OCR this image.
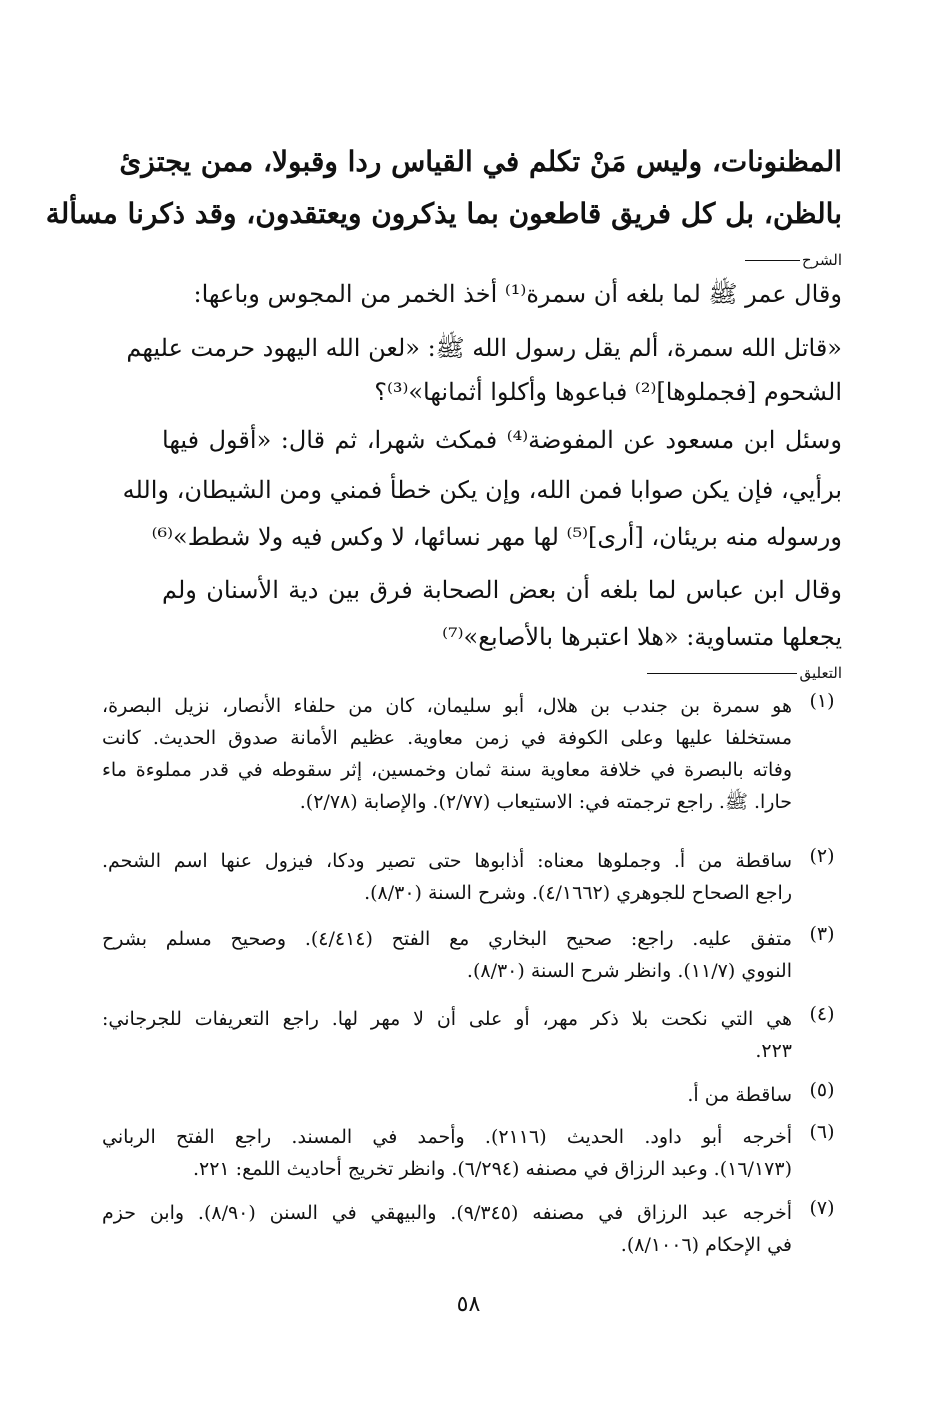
المظنونات، وليس مَنْ تكلم في القياس ردا وقبولا، ممن يجتزئ
بالظن، بل كل فريق قاطعون بما يذكرون ويعتقدون، وقد ذكرنا مسألة
الشرح
وقال عمر ﷺ لما بلغه أن سمرة⁽¹⁾ أخذ الخمر من المجوس وباعها:
«قاتل الله سمرة، ألم يقل رسول الله ﷺ: «لعن الله اليهود حرمت عليهم
الشحوم [فجملوها]⁽²⁾ فباعوها وأكلوا أثمانها»⁽³⁾؟
وسئل ابن مسعود عن المفوضة⁽⁴⁾ فمكث شهرا، ثم قال: «أقول فيها
برأيي، فإن يكن صوابا فمن الله، وإن يكن خطأ فمني ومن الشيطان، والله
ورسوله منه بريئان، [أرى]⁽⁵⁾ لها مهر نسائها، لا وكس فيه ولا شطط»⁽⁶⁾
وقال ابن عباس لما بلغه أن بعض الصحابة فرق بين دية الأسنان ولم
يجعلها متساوية: «هلا اعتبرها بالأصابع»⁽⁷⁾
التعليق
(١)
هو سمرة بن جندب بن هلال، أبو سليمان، كان من حلفاء الأنصار، نزيل البصرة،
مستخلفا عليها وعلى الكوفة في زمن معاوية. عظيم الأمانة صدوق الحديث. كانت
وفاته بالبصرة في خلافة معاوية سنة ثمان وخمسين، إثر سقوطه في قدر مملوءة ماء
حارا. ﷺ. راجع ترجمته في: الاستيعاب (٢/٧٧). والإصابة (٢/٧٨).
(٢)
ساقطة من أ. وجملوها معناه: أذابوها حتى تصير ودكا، فيزول عنها اسم الشحم.
راجع الصحاح للجوهري (٤/١٦٦٢). وشرح السنة (٨/٣٠).
(٣)
متفق عليه. راجع: صحيح البخاري مع الفتح (٤/٤١٤). وصحيح مسلم بشرح
النووي (١١/٧). وانظر شرح السنة (٨/٣٠).
(٤)
هي التي نكحت بلا ذكر مهر، أو على أن لا مهر لها. راجع التعريفات للجرجاني:
٢٢٣.
(٥)
ساقطة من أ.
(٦)
أخرجه أبو داود. الحديث (٢١١٦). وأحمد في المسند. راجع الفتح الرباني
(١٦/١٧٣). وعبد الرزاق في مصنفه (٦/٢٩٤). وانظر تخريج أحاديث اللمع: ٢٢١.
(٧)
أخرجه عبد الرزاق في مصنفه (٩/٣٤٥). والبيهقي في السنن (٨/٩٠). وابن حزم
في الإحكام (٨/١٠٠٦).
٥٨
